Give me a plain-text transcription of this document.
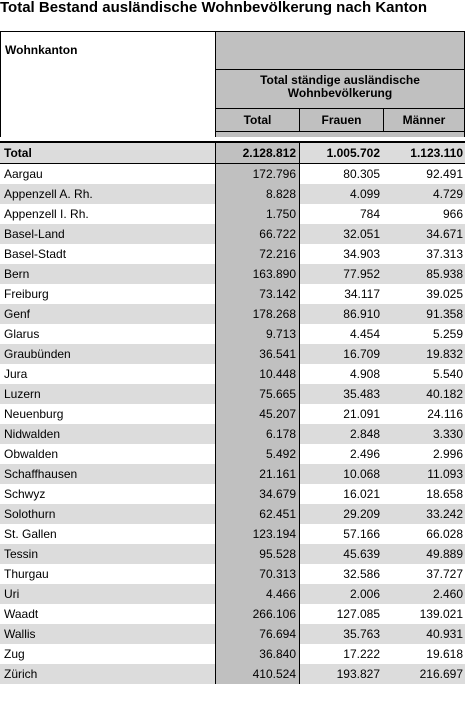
Total Bestand ausländische Wohnbevölkerung nach Kanton
Wohnkanton
Total ständige ausländische Wohnbevölkerung
Total	Frauen	Männer
Total	2.128.812	1.005.702	1.123.110
Aargau	172.796	80.305	92.491
Appenzell A. Rh.	8.828	4.099	4.729
Appenzell I. Rh.	1.750	784	966
Basel-Land	66.722	32.051	34.671
Basel-Stadt	72.216	34.903	37.313
Bern	163.890	77.952	85.938
Freiburg	73.142	34.117	39.025
Genf	178.268	86.910	91.358
Glarus	9.713	4.454	5.259
Graubünden	36.541	16.709	19.832
Jura	10.448	4.908	5.540
Luzern	75.665	35.483	40.182
Neuenburg	45.207	21.091	24.116
Nidwalden	6.178	2.848	3.330
Obwalden	5.492	2.496	2.996
Schaffhausen	21.161	10.068	11.093
Schwyz	34.679	16.021	18.658
Solothurn	62.451	29.209	33.242
St. Gallen	123.194	57.166	66.028
Tessin	95.528	45.639	49.889
Thurgau	70.313	32.586	37.727
Uri	4.466	2.006	2.460
Waadt	266.106	127.085	139.021
Wallis	76.694	35.763	40.931
Zug	36.840	17.222	19.618
Zürich	410.524	193.827	216.697
